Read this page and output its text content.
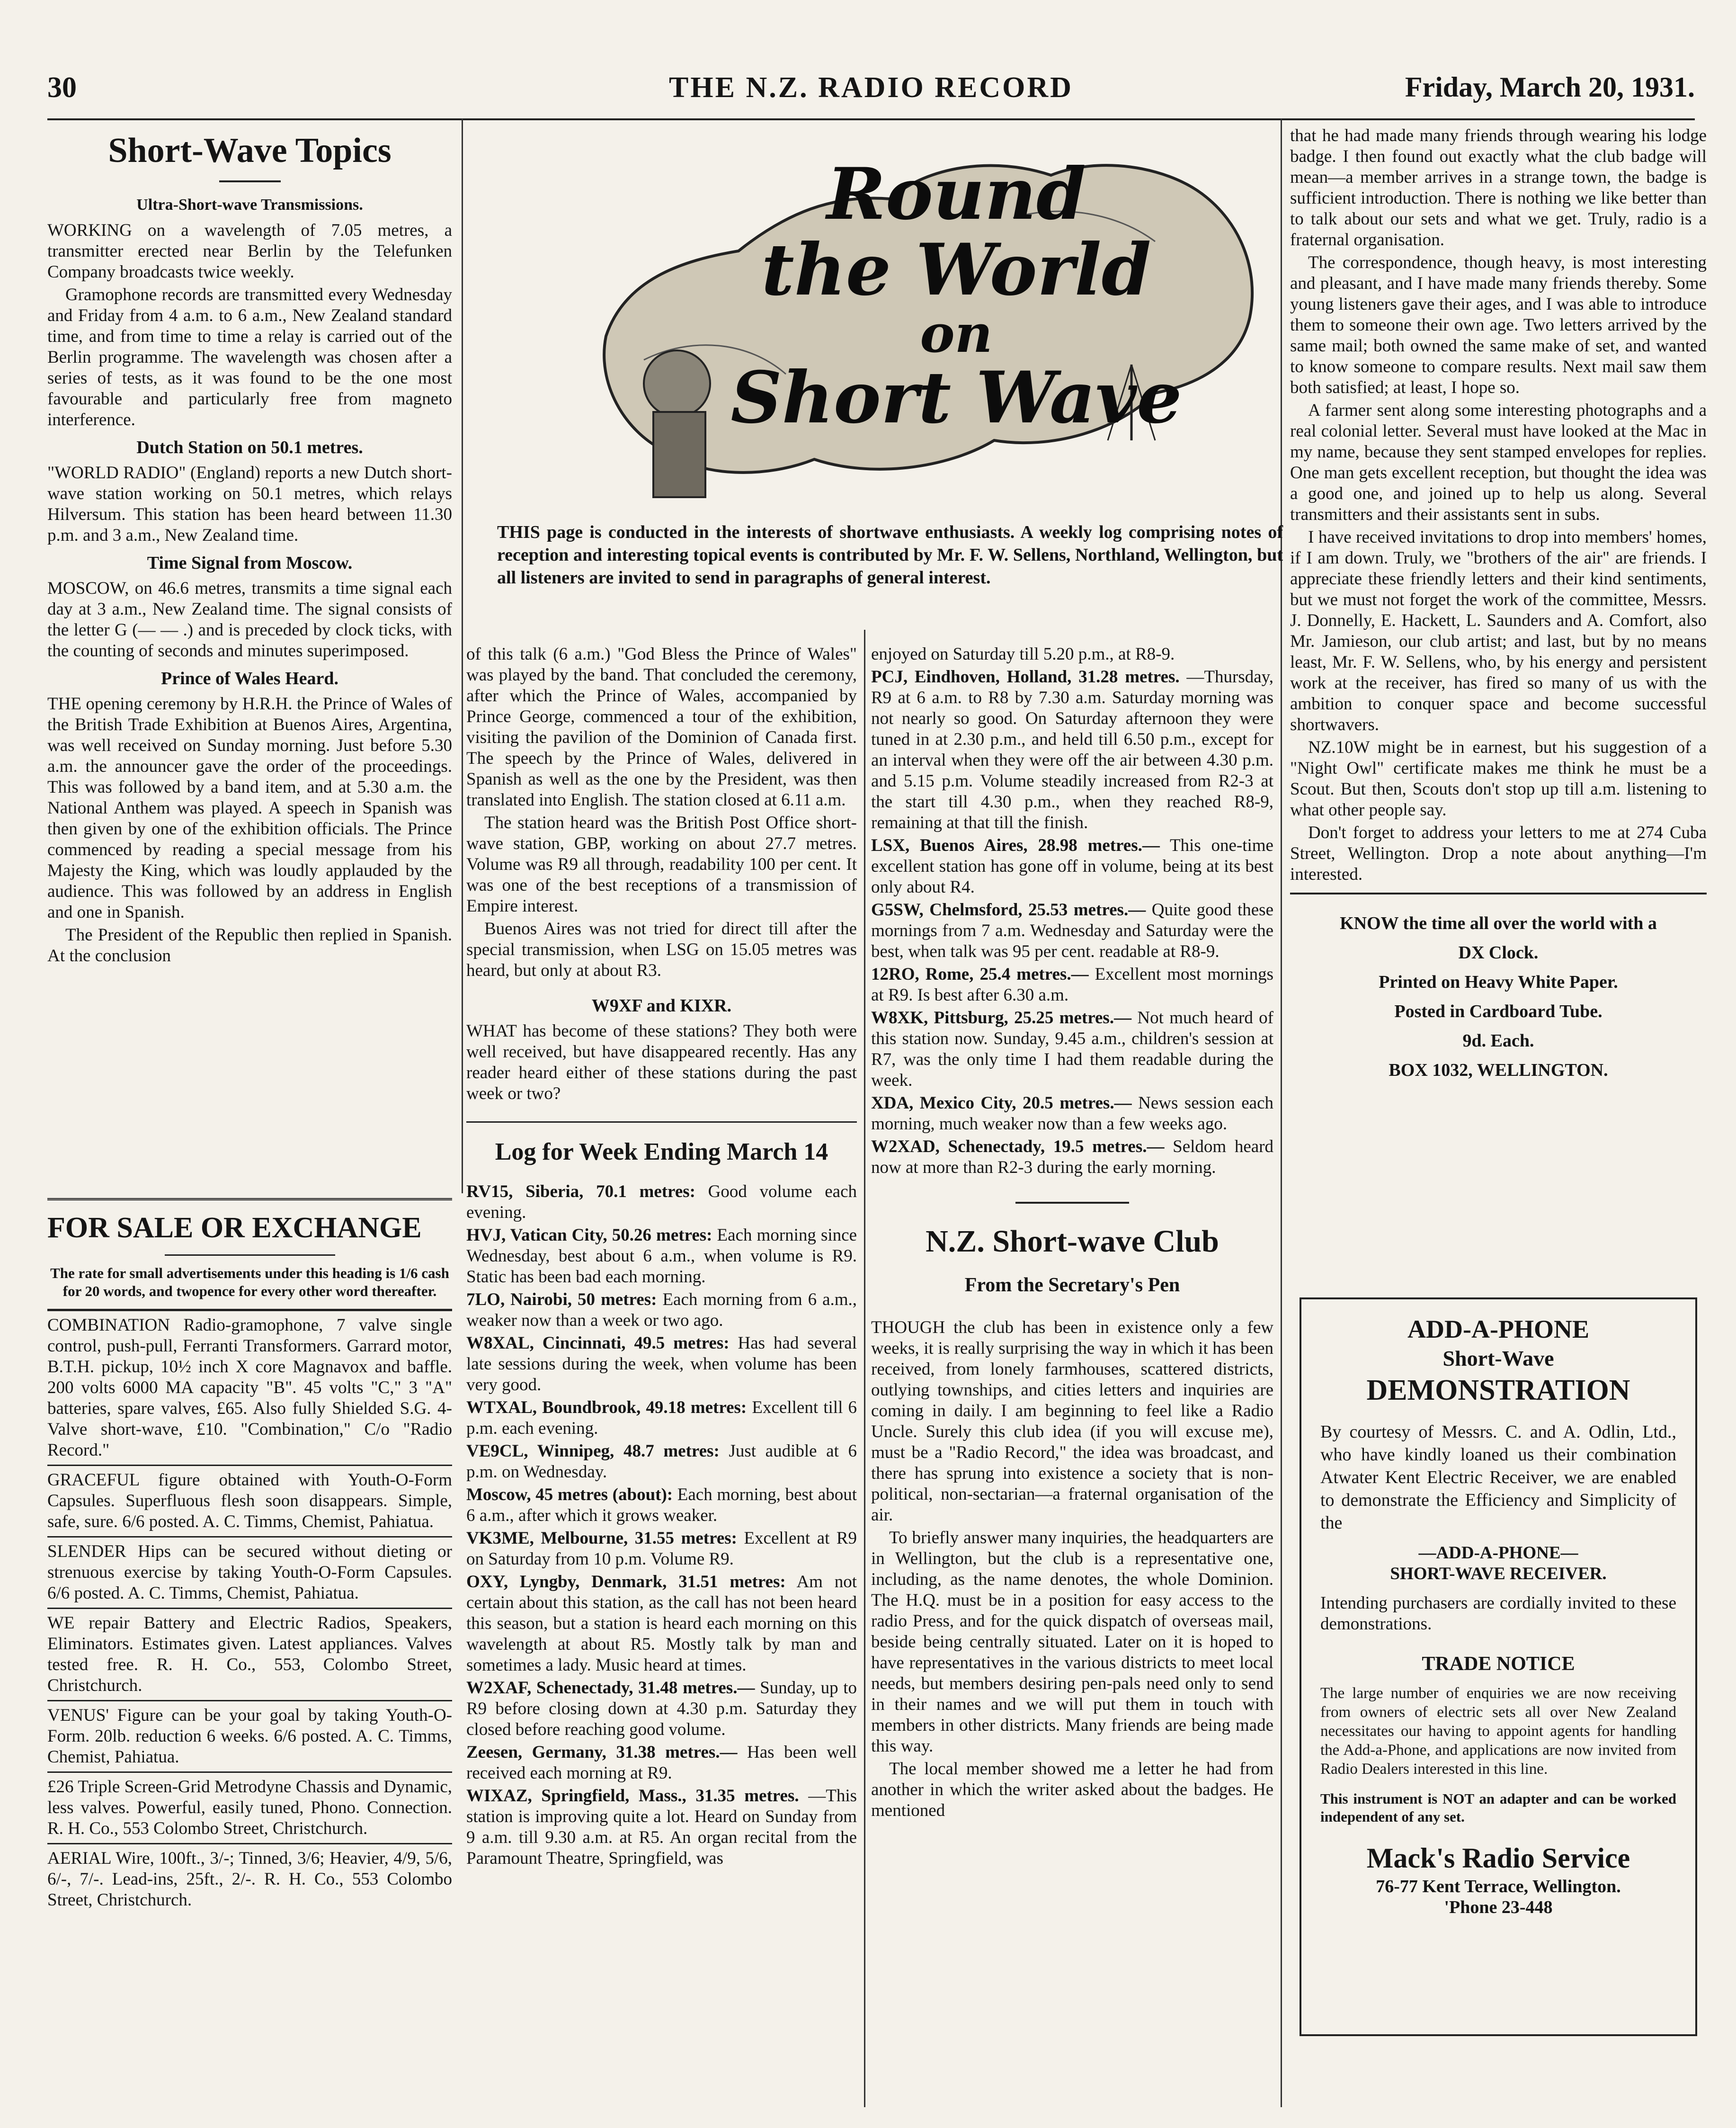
30	THE N.Z. RADIO RECORD	Friday, March 20, 1931.
Short-Wave Topics
Ultra-Short-wave Transmissions.

WORKING on a wavelength of 7.05 metres, a transmitter erected near Berlin by the Telefunken Company broadcasts twice weekly.

Gramophone records are transmitted every Wednesday and Friday from 4 a.m. to 6 a.m., New Zealand standard time, and from time to time a relay is carried out of the Berlin programme. The wavelength was chosen after a series of tests, as it was found to be the one most favourable and particularly free from magneto interference.

Dutch Station on 50.1 metres.

"WORLD RADIO" (England) reports a new Dutch short-wave station working on 50.1 metres, which relays Hilversum. This station has been heard between 11.30 p.m. and 3 a.m., New Zealand time.

Time Signal from Moscow.

MOSCOW, on 46.6 metres, transmits a time signal each day at 3 a.m., New Zealand time. The signal consists of the letter G (— — .) and is preceded by clock ticks, with the counting of seconds and minutes superimposed.

Prince of Wales Heard.

THE opening ceremony by H.R.H. the Prince of Wales of the British Trade Exhibition at Buenos Aires, Argentina, was well received on Sunday morning. Just before 5.30 a.m. the announcer gave the order of the proceedings. This was followed by a band item, and at 5.30 a.m. the National Anthem was played. A speech in Spanish was then given by one of the exhibition officials. The Prince commenced by reading a special message from his Majesty the King, which was loudly applauded by the audience. This was followed by an address in English and one in Spanish.

The President of the Republic then replied in Spanish. At the conclusion

FOR SALE OR EXCHANGE

The rate for small advertisements under this heading is 1/6 cash for 20 words, and twopence for every other word thereafter.

COMBINATION Radio-gramophone, 7 valve single control, push-pull, Ferranti Transformers. Garrard motor, B.T.H. pickup, 10½ inch X core Magnavox and baffle. 200 volts 6000 MA capacity "B". 45 volts "C," 3 "A" batteries, spare valves, £65. Also fully Shielded S.G. 4-Valve short-wave, £10. "Combination," C/o "Radio Record."

GRACEFUL figure obtained with Youth-O-Form Capsules. Superfluous flesh soon disappears. Simple, safe, sure. 6/6 posted. A. C. Timms, Chemist, Pahiatua.

SLENDER Hips can be secured without dieting or strenuous exercise by taking Youth-O-Form Capsules. 6/6 posted. A. C. Timms, Chemist, Pahiatua.

WE repair Battery and Electric Radios, Speakers, Eliminators. Estimates given. Latest appliances. Valves tested free. R. H. Co., 553, Colombo Street, Christchurch.

VENUS' Figure can be your goal by taking Youth-O-Form. 20lb. reduction 6 weeks. 6/6 posted. A. C. Timms, Chemist, Pahiatua.

£26 Triple Screen-Grid Metrodyne Chassis and Dynamic, less valves. Powerful, easily tuned, Phono. Connection. R. H. Co., 553 Colombo Street, Christchurch.

AERIAL Wire, 100ft., 3/-; Tinned, 3/6; Heavier, 4/9, 5/6, 6/-, 7/-. Lead-ins, 25ft., 2/-. R. H. Co., 553 Colombo Street, Christchurch.

Round
the World
on
Short Wave
THIS page is conducted in the interests of shortwave enthusiasts. A weekly log comprising notes of reception and interesting topical events is contributed by Mr. F. W. Sellens, Northland, Wellington, but all listeners are invited to send in paragraphs of general interest.

of this talk (6 a.m.) "God Bless the Prince of Wales" was played by the band. That concluded the ceremony, after which the Prince of Wales, accompanied by Prince George, commenced a tour of the exhibition, visiting the pavilion of the Dominion of Canada first. The speech by the Prince of Wales, delivered in Spanish as well as the one by the President, was then translated into English. The station closed at 6.11 a.m.

The station heard was the British Post Office short-wave station, GBP, working on about 27.7 metres. Volume was R9 all through, readability 100 per cent. It was one of the best receptions of a transmission of Empire interest.

Buenos Aires was not tried for direct till after the special transmission, when LSG on 15.05 metres was heard, but only at about R3.

W9XF and KIXR.

WHAT has become of these stations? They both were well received, but have disappeared recently. Has any reader heard either of these stations during the past week or two?

Log for Week Ending March 14

RV15, Siberia, 70.1 metres: Good volume each evening.

HVJ, Vatican City, 50.26 metres: Each morning since Wednesday, best about 6 a.m., when volume is R9. Static has been bad each morning.

7LO, Nairobi, 50 metres: Each morning from 6 a.m., weaker now than a week or two ago.

W8XAL, Cincinnati, 49.5 metres: Has had several late sessions during the week, when volume has been very good.

WTXAL, Boundbrook, 49.18 metres: Excellent till 6 p.m. each evening.

VE9CL, Winnipeg, 48.7 metres: Just audible at 6 p.m. on Wednesday.

Moscow, 45 metres (about): Each morning, best about 6 a.m., after which it grows weaker.

VK3ME, Melbourne, 31.55 metres: Excellent at R9 on Saturday from 10 p.m. Volume R9.

OXY, Lyngby, Denmark, 31.51 metres: Am not certain about this station, as the call has not been heard this season, but a station is heard each morning on this wavelength at about R5. Mostly talk by man and sometimes a lady. Music heard at times.

W2XAF, Schenectady, 31.48 metres.— Sunday, up to R9 before closing down at 4.30 p.m. Saturday they closed before reaching good volume.

Zeesen, Germany, 31.38 metres.— Has been well received each morning at R9.

WIXAZ, Springfield, Mass., 31.35 metres. —This station is improving quite a lot. Heard on Sunday from 9 a.m. till 9.30 a.m. at R5. An organ recital from the Paramount Theatre, Springfield, was

enjoyed on Saturday till 5.20 p.m., at R8-9.

PCJ, Eindhoven, Holland, 31.28 metres. —Thursday, R9 at 6 a.m. to R8 by 7.30 a.m. Saturday morning was not nearly so good. On Saturday afternoon they were tuned in at 2.30 p.m., and held till 6.50 p.m., except for an interval when they were off the air between 4.30 p.m. and 5.15 p.m. Volume steadily increased from R2-3 at the start till 4.30 p.m., when they reached R8-9, remaining at that till the finish.

LSX, Buenos Aires, 28.98 metres.— This one-time excellent station has gone off in volume, being at its best only about R4.

G5SW, Chelmsford, 25.53 metres.— Quite good these mornings from 7 a.m. Wednesday and Saturday were the best, when talk was 95 per cent. readable at R8-9.

12RO, Rome, 25.4 metres.— Excellent most mornings at R9. Is best after 6.30 a.m.

W8XK, Pittsburg, 25.25 metres.— Not much heard of this station now. Sunday, 9.45 a.m., children's session at R7, was the only time I had them readable during the week.

XDA, Mexico City, 20.5 metres.— News session each morning, much weaker now than a few weeks ago.

W2XAD, Schenectady, 19.5 metres.— Seldom heard now at more than R2-3 during the early morning.

N.Z. Short-wave Club
From the Secretary's Pen

THOUGH the club has been in existence only a few weeks, it is really surprising the way in which it has been received, from lonely farmhouses, scattered districts, outlying townships, and cities letters and inquiries are coming in daily. I am beginning to feel like a Radio Uncle. Surely this club idea (if you will excuse me), must be a "Radio Record," the idea was broadcast, and there has sprung into existence a society that is non-political, non-sectarian—a fraternal organisation of the air.

To briefly answer many inquiries, the headquarters are in Wellington, but the club is a representative one, including, as the name denotes, the whole Dominion. The H.Q. must be in a position for easy access to the radio Press, and for the quick dispatch of overseas mail, beside being centrally situated. Later on it is hoped to have representatives in the various districts to meet local needs, but members desiring pen-pals need only to send in their names and we will put them in touch with members in other districts. Many friends are being made this way.

The local member showed me a letter he had from another in which the writer asked about the badges. He mentioned

that he had made many friends through wearing his lodge badge. I then found out exactly what the club badge will mean—a member arrives in a strange town, the badge is sufficient introduction. There is nothing we like better than to talk about our sets and what we get. Truly, radio is a fraternal organisation.

The correspondence, though heavy, is most interesting and pleasant, and I have made many friends thereby. Some young listeners gave their ages, and I was able to introduce them to someone their own age. Two letters arrived by the same mail; both owned the same make of set, and wanted to know someone to compare results. Next mail saw them both satisfied; at least, I hope so.

A farmer sent along some interesting photographs and a real colonial letter. Several must have looked at the Mac in my name, because they sent stamped envelopes for replies. One man gets excellent reception, but thought the idea was a good one, and joined up to help us along. Several transmitters and their assistants sent in subs.

I have received invitations to drop into members' homes, if I am down. Truly, we "brothers of the air" are friends. I appreciate these friendly letters and their kind sentiments, but we must not forget the work of the committee, Messrs. J. Donnelly, E. Hackett, L. Saunders and A. Comfort, also Mr. Jamieson, our club artist; and last, but by no means least, Mr. F. W. Sellens, who, by his energy and persistent work at the receiver, has fired so many of us with the ambition to conquer space and become successful shortwavers.

NZ.10W might be in earnest, but his suggestion of a "Night Owl" certificate makes me think he must be a Scout. But then, Scouts don't stop up till a.m. listening to what other people say.

Don't forget to address your letters to me at 274 Cuba Street, Wellington. Drop a note about anything—I'm interested.

KNOW the time all over the world with a
DX Clock.
Printed on Heavy White Paper.
Posted in Cardboard Tube.
9d. Each.
BOX 1032, WELLINGTON.
ADD-A-PHONE
Short-Wave
DEMONSTRATION

By courtesy of Messrs. C. and A. Odlin, Ltd., who have kindly loaned us their combination Atwater Kent Electric Receiver, we are enabled to demonstrate the Efficiency and Simplicity of the

—ADD-A-PHONE—
SHORT-WAVE RECEIVER.

Intending purchasers are cordially invited to these demonstrations.

TRADE NOTICE

The large number of enquiries we are now receiving from owners of electric sets all over New Zealand necessitates our having to appoint agents for handling the Add-a-Phone, and applications are now invited from Radio Dealers interested in this line.

This instrument is NOT an adapter and can be worked independent of any set.

Mack's Radio Service
76-77 Kent Terrace, Wellington.
'Phone 23-448
